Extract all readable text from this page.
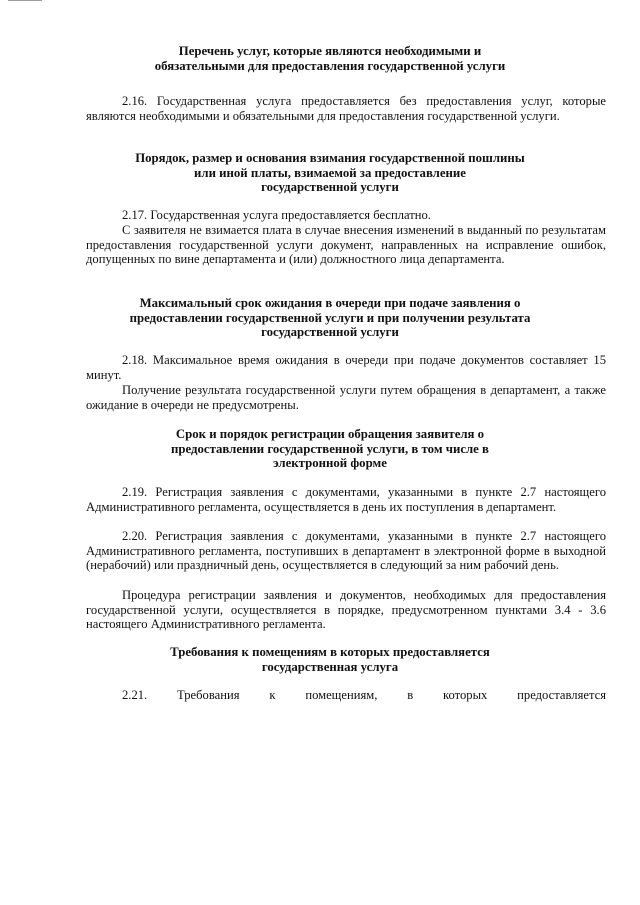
Перечень услуг, которые являются необходимыми и
обязательными для предоставления государственной услуги

2.16. Государственная услуга предоставляется без предоставления услуг, которые являются необходимыми и обязательными для предоставления государственной услуги.

Порядок, размер и основания взимания государственной пошлины
или иной платы, взимаемой за предоставление
государственной услуги

2.17. Государственная услуга предоставляется бесплатно.

С заявителя не взимается плата в случае внесения изменений в выданный по результатам предоставления государственной услуги документ, направленных на исправление ошибок, допущенных по вине департамента и (или) должностного лица департамента.

Максимальный срок ожидания в очереди при подаче заявления о
предоставлении государственной услуги и при получении результата
государственной услуги

2.18. Максимальное время ожидания в очереди при подаче документов составляет 15 минут.

Получение результата государственной услуги путем обращения в департамент, а также ожидание в очереди не предусмотрены.

Срок и порядок регистрации обращения заявителя о
предоставлении государственной услуги, в том числе в
электронной форме

2.19. Регистрация заявления с документами, указанными в пункте 2.7 настоящего Административного регламента, осуществляется в день их поступления в департамент.

2.20. Регистрация заявления с документами, указанными в пункте 2.7 настоящего Административного регламента, поступивших в департамент в электронной форме в выходной (нерабочий) или праздничный день, осуществляется в следующий за ним рабочий день.

Процедура регистрации заявления и документов, необходимых для предоставления государственной услуги, осуществляется в порядке, предусмотренном пунктами 3.4 - 3.6 настоящего Административного регламента.

Требования к помещениям в которых предоставляется
государственная услуга

2.21. Требования к помещениям, в которых предоставляется
